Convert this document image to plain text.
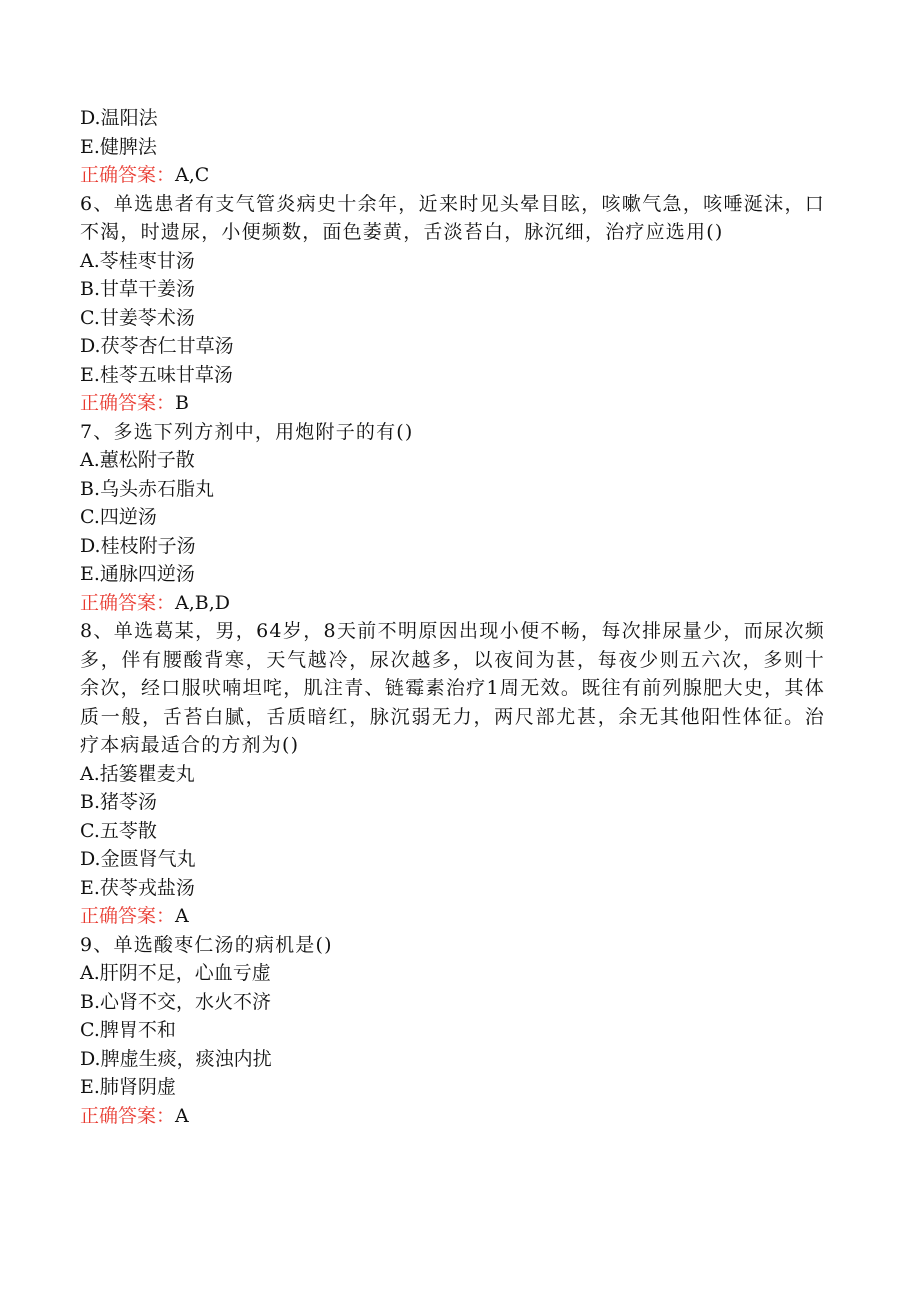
D.温阳法
E.健脾法
正确答案：A,C
6、单选患者有支气管炎病史十余年，近来时见头晕目眩，咳嗽气急，咳唾涎沫，口不渴，时遗尿，小便频数，面色萎黄，舌淡苔白，脉沉细，治疗应选用()
A.苓桂枣甘汤
B.甘草干姜汤
C.甘姜苓术汤
D.茯苓杏仁甘草汤
E.桂苓五味甘草汤
正确答案：B
7、多选下列方剂中，用炮附子的有()
A.蕙松附子散
B.乌头赤石脂丸
C.四逆汤
D.桂枝附子汤
E.通脉四逆汤
正确答案：A,B,D
8、单选葛某，男，64岁，8天前不明原因出现小便不畅，每次排尿量少，而尿次频多，伴有腰酸背寒，天气越冷，尿次越多，以夜间为甚，每夜少则五六次，多则十余次，经口服吠喃坦咤，肌注青、链霉素治疗1周无效。既往有前列腺肥大史，其体质一般，舌苔白腻，舌质暗红，脉沉弱无力，两尺部尤甚，余无其他阳性体征。治疗本病最适合的方剂为()
A.括篓瞿麦丸
B.猪苓汤
C.五苓散
D.金匮肾气丸
E.茯苓戎盐汤
正确答案：A
9、单选酸枣仁汤的病机是()
A.肝阴不足，心血亏虚
B.心肾不交，水火不济
C.脾胃不和
D.脾虚生痰，痰浊内扰
E.肺肾阴虚
正确答案：A
